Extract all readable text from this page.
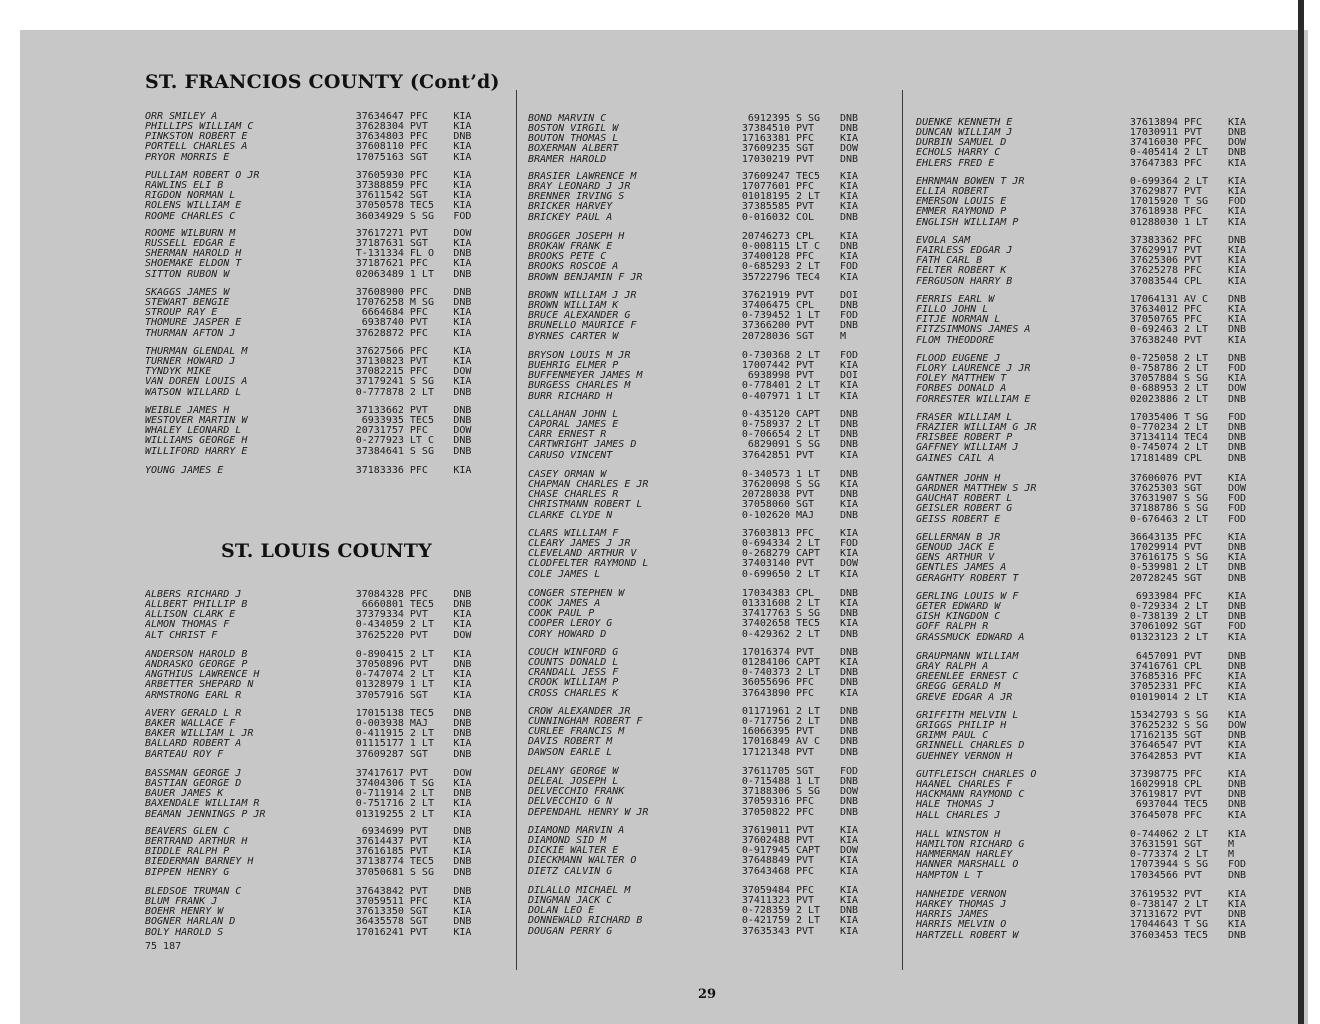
ST. FRANCIOS COUNTY (Cont’d)
ST. LOUIS COUNTY
ORR SMILEY A	37634647 PFC	KIA
PHILLIPS WILLIAM C	37628304 PVT	KIA
PINKSTON ROBERT E	37634803 PFC	DNB
PORTELL CHARLES A	37608110 PFC	KIA
PRYOR MORRIS E	17075163 SGT	KIA
PULLIAM ROBERT O JR	37605930 PFC	KIA
RAWLINS ELI B	37388859 PFC	KIA
RIGDON NORMAN L	37611542 SGT	KIA
ROLENS WILLIAM E	37050578 TEC5	KIA
ROOME CHARLES C	36034929 S SG	FOD
ROOME WILBURN M	37617271 PVT	DOW
RUSSELL EDGAR E	37187631 SGT	KIA
SHERMAN HAROLD H	T-131334 FL O	DNB
SHOEMAKE ELDON T	37187621 PFC	KIA
SITTON RUBON W	02063489 1 LT	DNB
SKAGGS JAMES W	37608900 PFC	DNB
STEWART BENGIE	17076258 M SG	DNB
STROUP RAY E	6664684 PFC	KIA
THOMURE JASPER E	6938740 PVT	KIA
THURMAN AFTON J	37628872 PFC	KIA
THURMAN GLENDAL M	37627566 PFC	KIA
TURNER HOWARD J	37130823 PVT	KIA
TYNDYK MIKE	37082215 PFC	DOW
VAN DOREN LOUIS A	37179241 S SG	KIA
WATSON WILLARD L	0-777878 2 LT	DNB
WEIBLE JAMES H	37133662 PVT	DNB
WESTOVER MARTIN W	6933935 TEC5	DNB
WHALEY LEONARD L	20731757 PFC	DOW
WILLIAMS GEORGE H	0-277923 LT C	DNB
WILLIFORD HARRY E	37384641 S SG	DNB
YOUNG JAMES E	37183336 PFC	KIA
ALBERS RICHARD J	37084328 PFC	DNB
ALLBERT PHILLIP B	6660801 TEC5	DNB
ALLISON CLARK E	37379334 PVT	KIA
ALMON THOMAS F	0-434059 2 LT	KIA
ALT CHRIST F	37625220 PVT	DOW
ANDERSON HAROLD B	0-890415 2 LT	KIA
ANDRASKO GEORGE P	37050896 PVT	DNB
ANGTHIUS LAWRENCE H	0-747074 2 LT	KIA
ARBETTER SHEPARD N	01328979 1 LT	KIA
ARMSTRONG EARL R	37057916 SGT	KIA
AVERY GERALD L R	17015138 TEC5	DNB
BAKER WALLACE F	0-003938 MAJ	DNB
BAKER WILLIAM L JR	0-411915 2 LT	DNB
BALLARD ROBERT A	01115177 1 LT	KIA
BARTEAU ROY F	37609287 SGT	DNB
BASSMAN GEORGE J	37417617 PVT	DOW
BASTIAN GEORGE D	37404306 T SG	KIA
BAUER JAMES K	0-711914 2 LT	DNB
BAXENDALE WILLIAM R	0-751716 2 LT	KIA
BEAMAN JENNINGS P JR	01319255 2 LT	KIA
BEAVERS GLEN C	6934699 PVT	DNB
BERTRAND ARTHUR H	37614437 PVT	KIA
BIDDLE RALPH P	37616185 PVT	KIA
BIEDERMAN BARNEY H	37138774 TEC5	DNB
BIPPEN HENRY G	37050681 S SG	DNB
BLEDSOE TRUMAN C	37643842 PVT	DNB
BLUM FRANK J	37059511 PFC	KIA
BOEHR HENRY W	37613350 SGT	KIA
BOGNER HARLAN D	36435578 SGT	DNB
BOLY HAROLD S	17016241 PVT	KIA
BOND MARVIN C	6912395 S SG	DNB
BOSTON VIRGIL W	37384510 PVT	DNB
BOUTON THOMAS L	17163381 PFC	KIA
BOXERMAN ALBERT	37609235 SGT	DOW
BRAMER HAROLD	17030219 PVT	DNB
BRASIER LAWRENCE M	37609247 TEC5	KIA
BRAY LEONARD J JR	17077601 PFC	KIA
BRENNER IRVING S	01018195 2 LT	KIA
BRICKER HARVEY	37385585 PVT	KIA
BRICKEY PAUL A	0-016032 COL	DNB
BROGGER JOSEPH H	20746273 CPL	KIA
BROKAW FRANK E	0-008115 LT C	DNB
BROOKS PETE C	37400128 PFC	KIA
BROOKS ROSCOE A	0-685293 2 LT	FOD
BROWN BENJAMIN F JR	35722796 TEC4	KIA
BROWN WILLIAM J JR	37621919 PVT	DOI
BROWN WILLIAM K	37406475 CPL	DNB
BRUCE ALEXANDER G	0-739452 1 LT	FOD
BRUNELLO MAURICE F	37366200 PVT	DNB
BYRNES CARTER W	20728036 SGT	M
BRYSON LOUIS M JR	0-730368 2 LT	FOD
BUEHRIG ELMER P	17007442 PVT	KIA
BUFFENMEYER JAMES M	6938998 PVT	DOI
BURGESS CHARLES M	0-778401 2 LT	KIA
BURR RICHARD H	0-407971 1 LT	KIA
CALLAHAN JOHN L	0-435120 CAPT	DNB
CAPORAL JAMES E	0-758937 2 LT	DNB
CARR ERNEST R	0-706654 2 LT	DNB
CARTWRIGHT JAMES D	6829091 S SG	DNB
CARUSO VINCENT	37642851 PVT	KIA
CASEY ORMAN W	0-340573 1 LT	DNB
CHAPMAN CHARLES E JR	37620098 S SG	KIA
CHASE CHARLES R	20728038 PVT	DNB
CHRISTMANN ROBERT L	37058060 SGT	KIA
CLARKE CLYDE N	0-102620 MAJ	DNB
CLARS WILLIAM F	37603813 PFC	KIA
CLEARY JAMES J JR	0-694334 2 LT	FOD
CLEVELAND ARTHUR V	0-268279 CAPT	KIA
CLODFELTER RAYMOND L	37403140 PVT	DOW
COLE JAMES L	0-699650 2 LT	KIA
CONGER STEPHEN W	17034383 CPL	DNB
COOK JAMES A	01331608 2 LT	KIA
COOK PAUL P	37417763 S SG	DNB
COOPER LEROY G	37402658 TEC5	KIA
CORY HOWARD D	0-429362 2 LT	DNB
COUCH WINFORD G	17016374 PVT	DNB
COUNTS DONALD L	01284106 CAPT	KIA
CRANDALL JESS F	0-740373 2 LT	DNB
CROOK WILLIAM P	36055696 PFC	DNB
CROSS CHARLES K	37643890 PFC	KIA
CROW ALEXANDER JR	01171961 2 LT	DNB
CUNNINGHAM ROBERT F	0-717756 2 LT	DNB
CURLEE FRANCIS M	16066395 PVT	DNB
DAVIS ROBERT M	17016849 AV C	DNB
DAWSON EARLE L	17121348 PVT	DNB
DELANY GEORGE W	37611705 SGT	FOD
DELEAL JOSEPH L	0-715488 1 LT	DNB
DELVECCHIO FRANK	37188306 S SG	DOW
DELVECCHIO G N	37059316 PFC	DNB
DEPENDAHL HENRY W JR	37050822 PFC	DNB
DIAMOND MARVIN A	37619011 PVT	KIA
DIAMOND SID M	37602488 PVT	KIA
DICKIE WALTER E	0-917945 CAPT	DOW
DIECKMANN WALTER O	37648849 PVT	KIA
DIETZ CALVIN G	37643468 PFC	KIA
DILALLO MICHAEL M	37059484 PFC	KIA
DINGMAN JACK C	37411323 PVT	KIA
DOLAN LEO E	0-728359 2 LT	DNB
DONNEWALD RICHARD B	0-421759 2 LT	KIA
DOUGAN PERRY G	37635343 PVT	KIA
DUENKE KENNETH E	37613894 PFC	KIA
DUNCAN WILLIAM J	17030911 PVT	DNB
DURBIN SAMUEL D	37416030 PFC	DOW
ECHOLS HARRY C	0-405414 2 LT	DNB
EHLERS FRED E	37647383 PFC	KIA
EHRNMAN BOWEN T JR	0-699364 2 LT	KIA
ELLIA ROBERT	37629877 PVT	KIA
EMERSON LOUIS E	17015920 T SG	FOD
EMMER RAYMOND P	37618938 PFC	KIA
ENGLISH WILLIAM P	01288030 1 LT	KIA
EVOLA SAM	37383362 PFC	DNB
FAIRLESS EDGAR J	37629917 PVT	KIA
FATH CARL B	37625306 PVT	KIA
FELTER ROBERT K	37625278 PFC	KIA
FERGUSON HARRY B	37083544 CPL	KIA
FERRIS EARL W	17064131 AV C	DNB
FILLO JOHN L	37634012 PFC	KIA
FITJE NORMAN L	37050765 PFC	KIA
FITZSIMMONS JAMES A	0-692463 2 LT	DNB
FLOM THEODORE	37638240 PVT	KIA
FLOOD EUGENE J	0-725058 2 LT	DNB
FLORY LAURENCE J JR	0-758786 2 LT	FOD
FOLEY MATTHEW T	37057884 S SG	KIA
FORBES DONALD A	0-688953 2 LT	DOW
FORRESTER WILLIAM E	02023886 2 LT	DNB
FRASER WILLIAM L	17035406 T SG	FOD
FRAZIER WILLIAM G JR	0-770234 2 LT	DNB
FRISBEE ROBERT P	37134114 TEC4	DNB
GAFFNEY WILLIAM J	0-745074 2 LT	DNB
GAINES CAIL A	17181489 CPL	DNB
GANTNER JOHN H	37606076 PVT	KIA
GARDNER MATTHEW S JR	37625303 SGT	DOW
GAUCHAT ROBERT L	37631907 S SG	FOD
GEISLER ROBERT G	37188786 S SG	FOD
GEISS ROBERT E	0-676463 2 LT	FOD
GELLERMAN B JR	36643135 PFC	KIA
GENOUD JACK E	17029914 PVT	DNB
GENS ARTHUR V	37616175 S SG	KIA
GENTLES JAMES A	0-539981 2 LT	DNB
GERAGHTY ROBERT T	20728245 SGT	DNB
GERLING LOUIS W F	6933984 PFC	KIA
GETER EDWARD W	0-729334 2 LT	DNB
GISH KINGDON C	0-738139 2 LT	DNB
GOFF RALPH R	37061092 SGT	FOD
GRASSMUCK EDWARD A	01323123 2 LT	KIA
GRAUPMANN WILLIAM	6457091 PVT	DNB
GRAY RALPH A	37416761 CPL	DNB
GREENLEE ERNEST C	37685316 PFC	KIA
GREGG GERALD M	37052331 PFC	KIA
GREVE EDGAR A JR	01019014 2 LT	KIA
GRIFFITH MELVIN L	15342793 S SG	KIA
GRIGGS PHILIP H	37625232 S SG	DOW
GRIMM PAUL C	17162135 SGT	DNB
GRINNELL CHARLES D	37646547 PVT	KIA
GUEHNEY VERNON H	37642853 PVT	KIA
GUTFLEISCH CHARLES O	37398775 PFC	KIA
HAANEL CHARLES F	16029918 CPL	DNB
HACKMANN RAYMOND C	37619817 PVT	DNB
HALE THOMAS J	6937044 TEC5	DNB
HALL CHARLES J	37645078 PFC	KIA
HALL WINSTON H	0-744062 2 LT	KIA
HAMILTON RICHARD G	37631591 SGT	M
HAMMERMAN HARLEY	0-773374 2 LT	M
HANNER MARSHALL O	17073944 S SG	FOD
HAMPTON L T	17034566 PVT	DNB
HANHEIDE VERNON	37619532 PVT	KIA
HARKEY THOMAS J	0-738147 2 LT	KIA
HARRIS JAMES	37131672 PVT	DNB
HARRIS MELVIN O	17044643 T SG	KIA
HARTZELL ROBERT W	37603453 TEC5	DNB
75 187
29
